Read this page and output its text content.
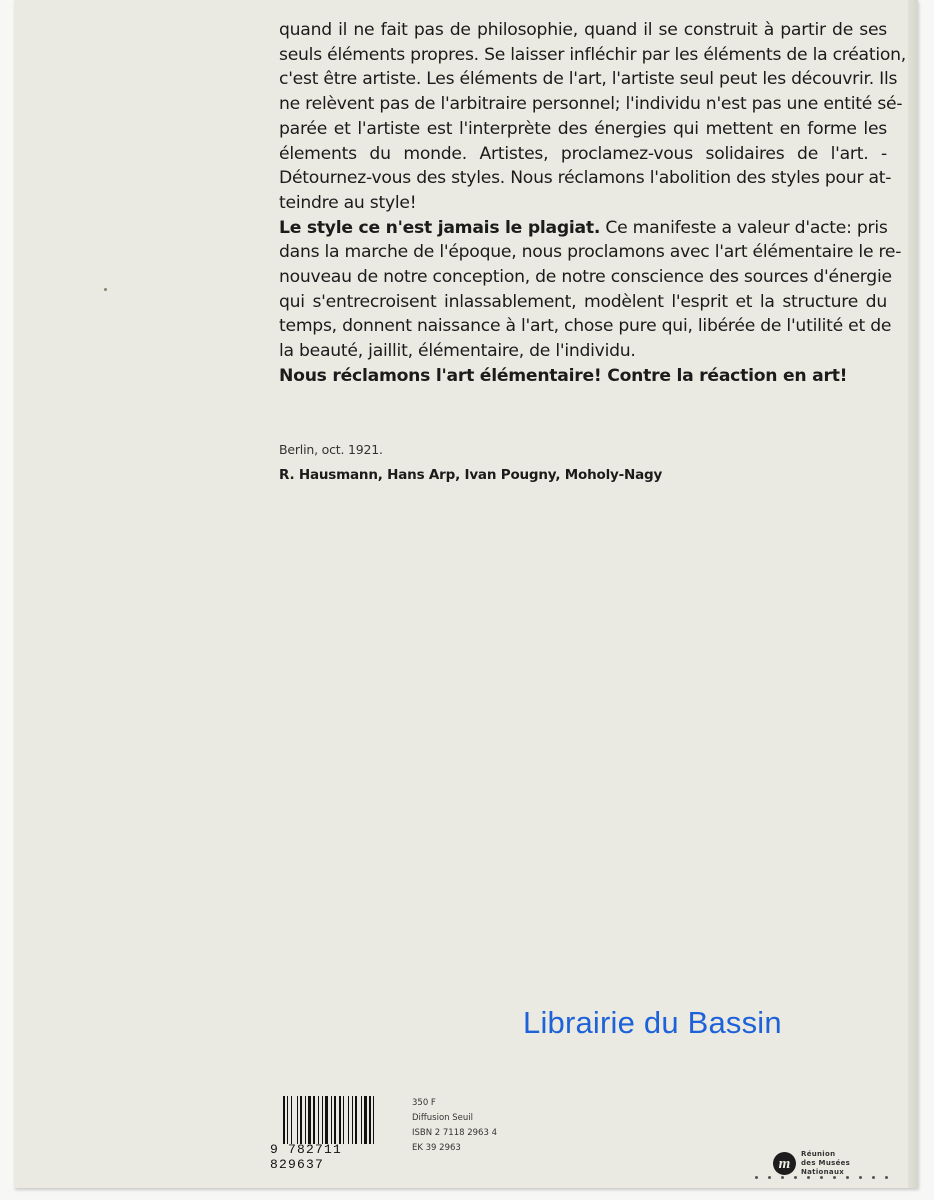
quand il ne fait pas de philosophie, quand il se construit à partir de ses
seuls éléments propres. Se laisser infléchir par les éléments de la création,
c'est être artiste. Les éléments de l'art, l'artiste seul peut les découvrir. Ils
ne relèvent pas de l'arbitraire personnel; l'individu n'est pas une entité sé-
parée et l'artiste est l'interprète des énergies qui mettent en forme les
élements du monde. Artistes, proclamez-vous solidaires de l'art. -
Détournez-vous des styles. Nous réclamons l'abolition des styles pour at-
teindre au style!
Le style ce n'est jamais le plagiat. Ce manifeste a valeur d'acte: pris
dans la marche de l'époque, nous proclamons avec l'art élémentaire le re-
nouveau de notre conception, de notre conscience des sources d'énergie
qui s'entrecroisent inlassablement, modèlent l'esprit et la structure du
temps, donnent naissance à l'art, chose pure qui, libérée de l'utilité et de
la beauté, jaillit, élémentaire, de l'individu.
Nous réclamons l'art élémentaire! Contre la réaction en art!
Berlin, oct. 1921.
R. Hausmann, Hans Arp, Ivan Pougny, Moholy-Nagy
Librairie du Bassin
9 782711 829637
350 F
Diffusion Seuil
ISBN 2 7118 2963 4
EK 39 2963
m
Réunion
des Musées
Nationaux
